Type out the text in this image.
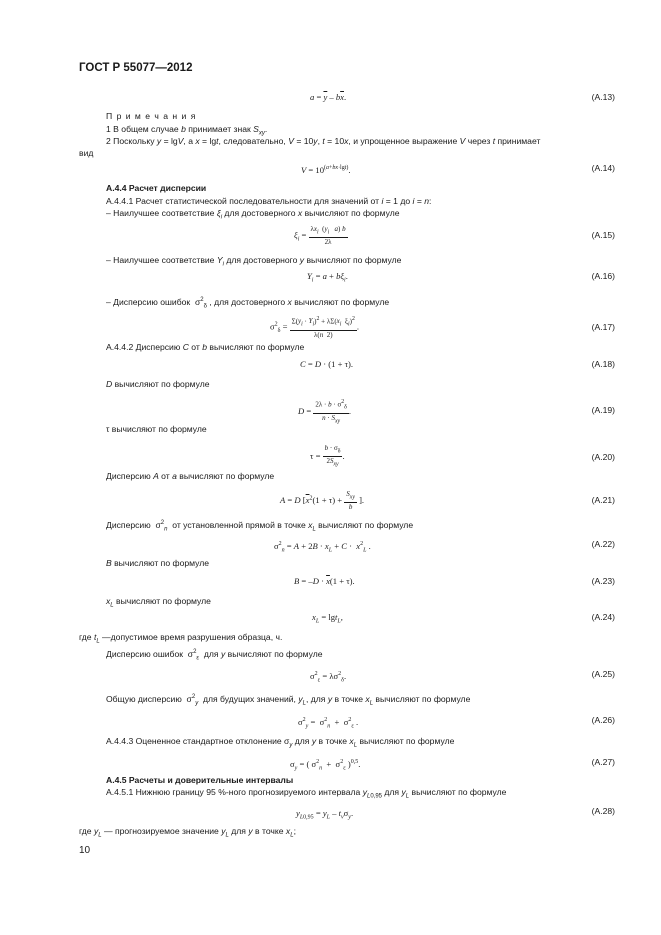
ГОСТ Р 55077—2012
$a = \overline{y} - b\overline{x}$.	(А.13)
П р и м е ч а н и я
1 В общем случае b принимает знак $S_{xy}$.
2 Поскольку y = lgV, а x = lgt, следовательно, V = 10y, t = 10x, и упрощенное выражение V через t принимает
вид
$V = 10^{(a+bx\cdot lgt)}$.	(А.14)
А.4.4 Расчет дисперсии
А.4.4.1 Расчет статистической последовательности для значений от i = 1 до i = n:
– Наилучшее соответствие $\xi_i$ для достоверного x вычисляют по формуле
$\xi_i = \frac{\lambda x_i (y_i a) b}{2\lambda}$	(А.15)
– Наилучшее соответствие $Y_i$ для достоверного y вычисляют по формуле
$Y_i = a + b\xi_i$.	(А.16)
– Дисперсию ошибок  $\sigma^2_\delta$ , для достоверного x вычисляют по формуле
$\sigma^2_\delta = \frac{\Sigma(y_i \cdot Y_i)^2 + \lambda\Sigma(x_i \xi_i)^2}{\lambda(n 2)}$ .	(А.17)
А.4.4.2 Дисперсию C от b вычисляют по формуле
C = D · (1 + τ).	(А.18)
D вычисляют по формуле
$D = \frac{2\lambda \cdot b \cdot \sigma^2_\delta}{n \cdot S_{xy}}$ .	(А.19)
τ вычисляют по формуле
$\tau = \frac{b \cdot \sigma_\delta}{2S_{xy}}$ .	(А.20)
Дисперсию A от a вычисляют по формуле
A = D [$\overline{x}^2(1 + \tau) + \frac{S_{xy}}{b}$ ].	(А.21)
Дисперсию  $\sigma^2_n$  от установленной прямой в точке $x_L$ вычисляют по формуле
$\sigma^2_n = A + 2B \cdot x_L + C \cdot x^2_L$ .	(А.22)
B вычисляют по формуле
$B = -D \cdot \overline{x}(1 + \tau)$.	(А.23)
$x_L$ вычисляют по формуле
$x_L = \lg t_L$,	(А.24)
где $t_L$ —допустимое время разрушения образца, ч.
Дисперсию ошибок  $\sigma^2_\varepsilon$  для y вычисляют по формуле
$\sigma^2_\varepsilon = \lambda\sigma^2_\delta$.	(А.25)
Общую дисперсию  $\sigma^2_y$  для будущих значений, $y_L$, для y в точке $x_L$ вычисляют по формуле
$\sigma^2_y = \sigma^2_n + \sigma^2_\varepsilon$ .	(А.26)
А.4.4.3 Оцененное стандартное отклонение $\sigma_y$ для y в точке $x_L$ вычисляют по формуле
$\sigma_y$ = ( $\sigma^2_n + \sigma^2_\varepsilon$ )$^{0,5}$.	(А.27)
А.4.5 Расчеты и доверительные интервалы
А.4.5.1 Нижнюю границу 95 %-ного прогнозируемого интервала $y_{L0,95}$ для $y_L$ вычисляют по формуле
$y_{L0,95} = y_L - t_v\sigma_y$.	(А.28)
где $y_L$ — прогнозируемое значение $y_L$ для y в точке $x_L$;
10
